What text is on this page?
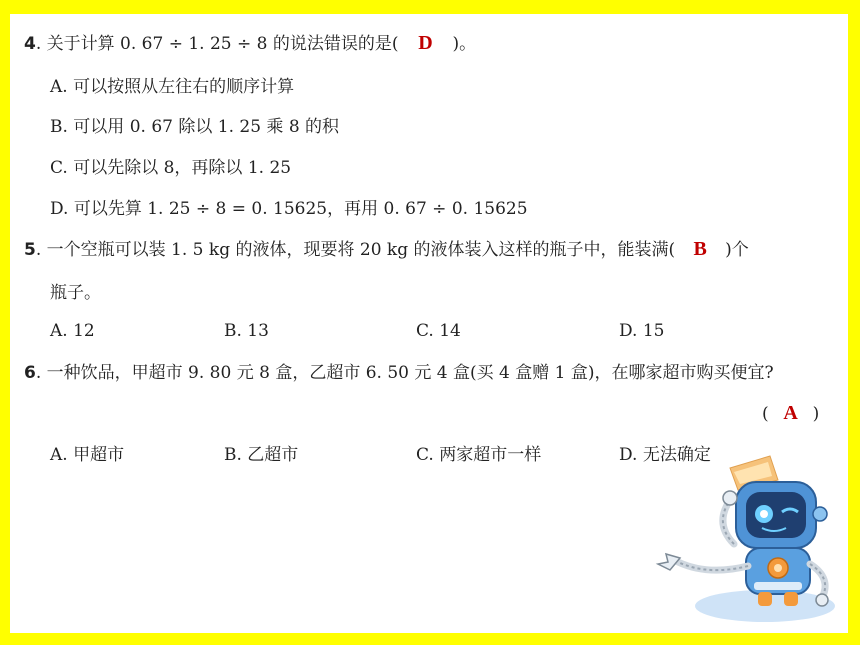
4. 关于计算 0. 67 ÷ 1. 25 ÷ 8 的说法错误的是( D )。
A. 可以按照从左往右的顺序计算
B. 可以用 0. 67 除以 1. 25 乘 8 的积
C. 可以先除以 8，再除以 1. 25
D. 可以先算 1. 25 ÷ 8 = 0. 15625，再用 0. 67 ÷ 0. 15625
5. 一个空瓶可以装 1. 5 kg 的液体，现要将 20 kg 的液体装入这样的瓶子中，能装满( B )个
瓶子。
A. 12	B. 13	C. 14	D. 15
6. 一种饮品，甲超市 9. 80 元 8 盒，乙超市 6. 50 元 4 盒(买 4 盒赠 1 盒)，在哪家超市购买便宜?
( A )
A. 甲超市	B. 乙超市	C. 两家超市一样	D. 无法确定
